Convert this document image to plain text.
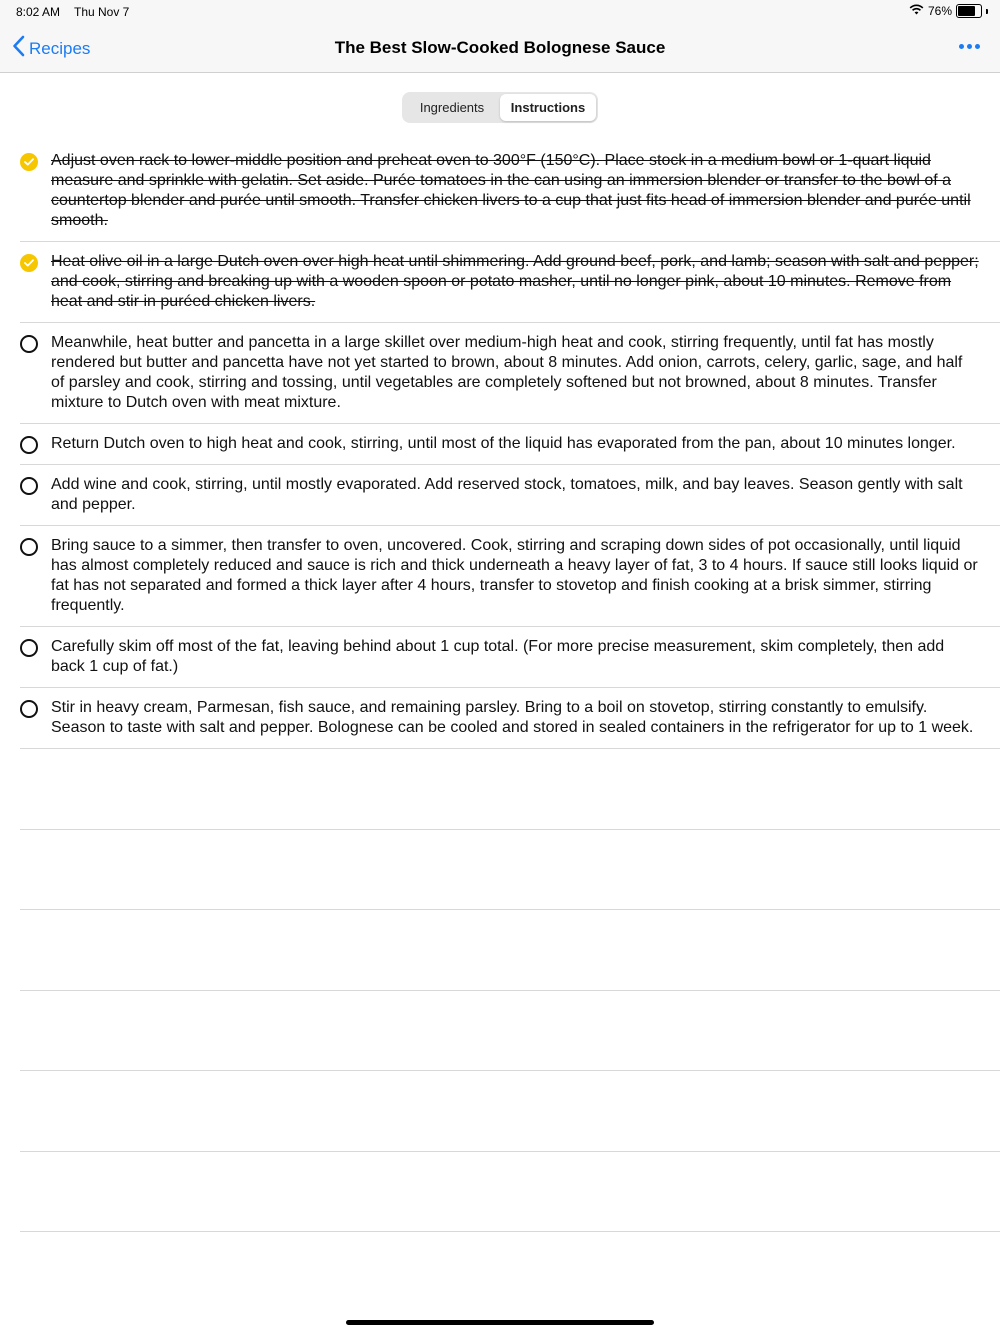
8:02 AM Thu Nov 7	76%
Recipes	The Best Slow-Cooked Bolognese Sauce
Ingredients	Instructions
Adjust oven rack to lower-middle position and preheat oven to 300°F (150°C). Place stock in a medium bowl or 1-quart liquid measure and sprinkle with gelatin. Set aside. Purée tomatoes in the can using an immersion blender or transfer to the bowl of a countertop blender and purée until smooth. Transfer chicken livers to a cup that just fits head of immersion blender and purée until smooth.
Heat olive oil in a large Dutch oven over high heat until shimmering. Add ground beef, pork, and lamb; season with salt and pepper; and cook, stirring and breaking up with a wooden spoon or potato masher, until no longer pink, about 10 minutes. Remove from heat and stir in puréed chicken livers.
Meanwhile, heat butter and pancetta in a large skillet over medium-high heat and cook, stirring frequently, until fat has mostly rendered but butter and pancetta have not yet started to brown, about 8 minutes. Add onion, carrots, celery, garlic, sage, and half of parsley and cook, stirring and tossing, until vegetables are completely softened but not browned, about 8 minutes. Transfer mixture to Dutch oven with meat mixture.
Return Dutch oven to high heat and cook, stirring, until most of the liquid has evaporated from the pan, about 10 minutes longer.
Add wine and cook, stirring, until mostly evaporated. Add reserved stock, tomatoes, milk, and bay leaves. Season gently with salt and pepper.
Bring sauce to a simmer, then transfer to oven, uncovered. Cook, stirring and scraping down sides of pot occasionally, until liquid has almost completely reduced and sauce is rich and thick underneath a heavy layer of fat, 3 to 4 hours. If sauce still looks liquid or fat has not separated and formed a thick layer after 4 hours, transfer to stovetop and finish cooking at a brisk simmer, stirring frequently.
Carefully skim off most of the fat, leaving behind about 1 cup total. (For more precise measurement, skim completely, then add back 1 cup of fat.)
Stir in heavy cream, Parmesan, fish sauce, and remaining parsley. Bring to a boil on stovetop, stirring constantly to emulsify. Season to taste with salt and pepper. Bolognese can be cooled and stored in sealed containers in the refrigerator for up to 1 week.
